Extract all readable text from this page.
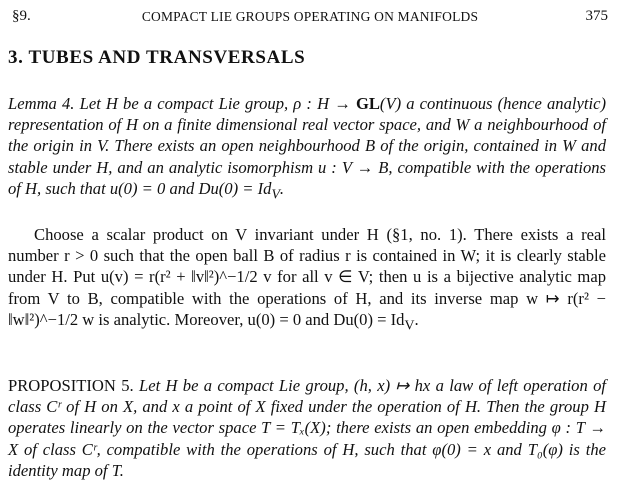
§9.	COMPACT LIE GROUPS OPERATING ON MANIFOLDS	375
3. TUBES AND TRANSVERSALS
Lemma 4. Let H be a compact Lie group, ρ : H → GL(V) a continuous (hence analytic) representation of H on a finite dimensional real vector space, and W a neighbourhood of the origin in V. There exists an open neighbourhood B of the origin, contained in W and stable under H, and an analytic isomorphism u : V → B, compatible with the operations of H, such that u(0) = 0 and $Du(0) = Id_V$.
Choose a scalar product on V invariant under H (§1, no. 1). There exists a real number r > 0 such that the open ball B of radius r is contained in W; it is clearly stable under H. Put u(v) = r(r² + ‖v‖²)^−1/2 v for all v ∈ V; then u is a bijective analytic map from V to B, compatible with the operations of H, and its inverse map w ↦ r(r² − ‖w‖²)^−1/2 w is analytic. Moreover, u(0) = 0 and $Du(0) = Id_V$.
PROPOSITION 5. Let H be a compact Lie group, (h, x) ↦ hx a law of left operation of class Cʳ of H on X, and x a point of X fixed under the operation of H. Then the group H operates linearly on the vector space T = Tₓ(X); there exists an open embedding φ : T → X of class Cʳ, compatible with the operations of H, such that φ(0) = x and T₀(φ) is the identity map of T.
